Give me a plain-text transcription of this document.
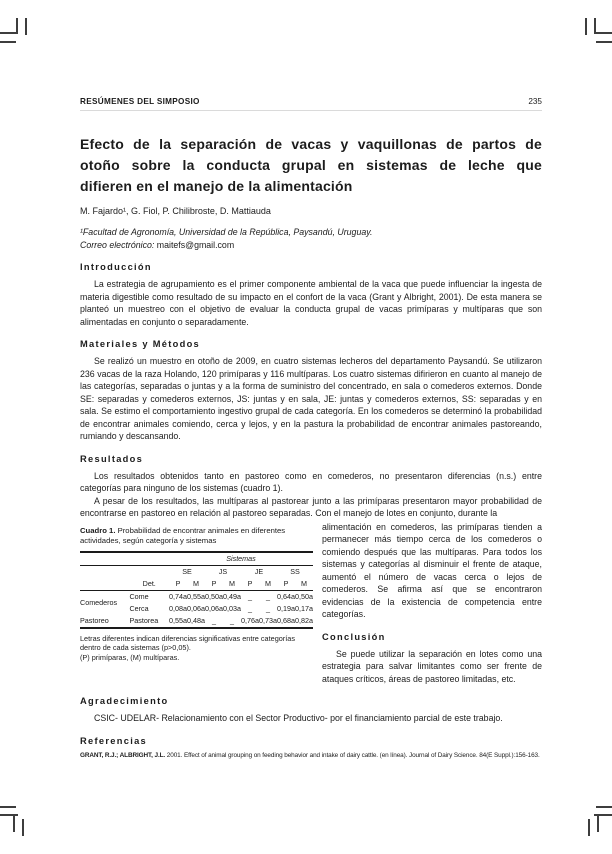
RESÚMENES DEL SIMPOSIO	235
Efecto de la separación de vacas y vaquillonas de partos de
otoño sobre la conducta grupal en sistemas de leche que
difieren en el manejo de la alimentación
M. Fajardo¹, G. Fiol, P. Chilibroste, D. Mattiauda
¹Facultad de Agronomía, Universidad de la República, Paysandú, Uruguay.
Correo electrónico: maitefs@gmail.com
Introducción

La estrategia de agrupamiento es el primer componente ambiental de la vaca que puede influenciar la ingesta de materia digestible como resultado de su impacto en el confort de la vaca (Grant y Albright, 2001). De esta manera se planteó un muestreo con el objetivo de evaluar la conducta grupal de vacas primíparas y multíparas que son alimentadas en conjunto o separadamente.

Materiales y Métodos

Se realizó un muestro en otoño de 2009, en cuatro sistemas lecheros del departamento Paysandú. Se utilizaron 236 vacas de la raza Holando, 120 primíparas y 116 multíparas. Los cuatro sistemas difirieron en cuanto al manejo de las categorías, separadas o juntas y a la forma de suministro del concentrado, en sala o comederos externos. Donde SE: separadas y comederos externos, JS: juntas y en sala, JE: juntas y comederos externos, SS: separadas y en sala. Se estimo el comportamiento ingestivo grupal de cada categoría. En los comederos se determinó la probabilidad de encontrar animales comiendo, cerca y lejos, y en la pastura la probabilidad de encontrar animales pastoreando, rumiando y descansando.

Resultados

Los resultados obtenidos tanto en pastoreo como en comederos, no presentaron diferencias (n.s.) entre categorías para ninguno de los sistemas (cuadro 1).

A pesar de los resultados, las multíparas al pastorear junto a las primíparas presentaron mayor probabilidad de encontrarse en pastoreo en relación al pastoreo separadas. Con el manejo de lotes en conjunto, durante la

Cuadro 1. Probabilidad de encontrar animales en diferentes actividades, según categoría y sistemas
		Sistemas							
		SE		JS		JE		SS	
	Det.	P	M	P	M	P	M	P	M
Comederos	Come	0,74a	0,55a	0,50a	0,49a	_	_	0,64a	0,50a
	Cerca	0,08a	0,06a	0,06a	0,03a	_	_	0,19a	0,17a
Pastoreo	Pastorea	0,55a	0,48a	_	_	0,76a	0,73a	0,68a	0,82a
Letras diferentes indican diferencias significativas entre categorías dentro de cada sistemas (p>0,05).
(P) primíparas, (M) multíparas.

alimentación en comederos, las primíparas tienden a permanecer más tiempo cerca de los comederos o comiendo después que las multíparas. Para todos los sistemas y categorías al disminuir el frente de ataque, aumentó el número de vacas cerca o lejos de comederos. Se afirma así que se encontraron evidencias de la existencia de competencia entre categorías.

Conclusión

Se puede utilizar la separación en lotes como una estrategia para salvar limitantes como ser frente de ataques críticos, áreas de pastoreo limitadas, etc.

Agradecimiento

CSIC- UDELAR- Relacionamiento con el Sector Productivo- por el financiamiento parcial de este trabajo.

Referencias
GRANT, R.J.; ALBRIGHT, J.L. 2001. Effect of animal grouping on feeding behavior and intake of dairy cattle. (en línea). Journal of Dairy Science. 84(E Suppl.):156-163.
